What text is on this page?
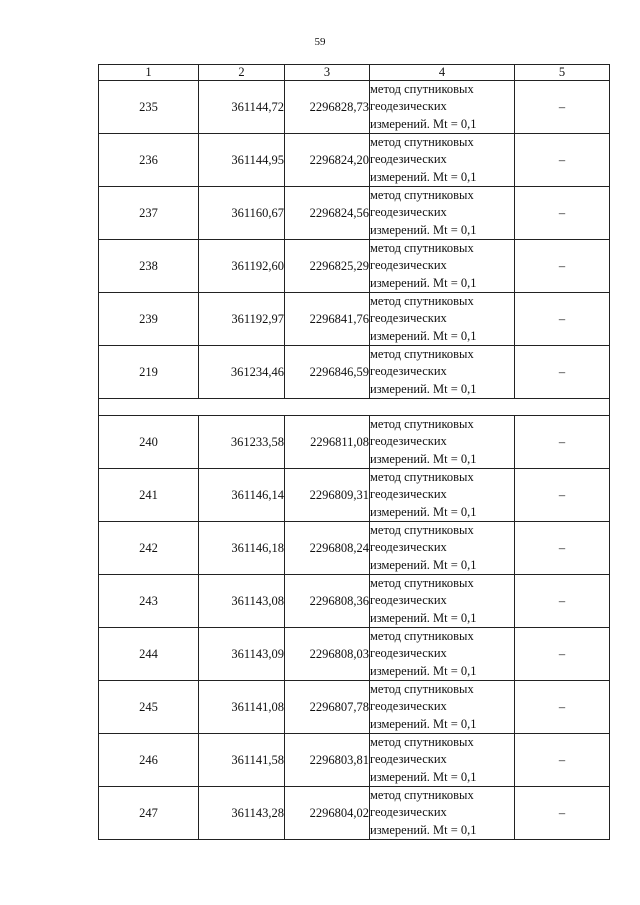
59
1	2	3	4	5
235	361144,72	2296828,73	метод спутниковых
геодезических
измерений. Mt = 0,1	–
236	361144,95	2296824,20	метод спутниковых
геодезических
измерений. Mt = 0,1	–
237	361160,67	2296824,56	метод спутниковых
геодезических
измерений. Mt = 0,1	–
238	361192,60	2296825,29	метод спутниковых
геодезических
измерений. Mt = 0,1	–
239	361192,97	2296841,76	метод спутниковых
геодезических
измерений. Mt = 0,1	–
219	361234,46	2296846,59	метод спутниковых
геодезических
измерений. Mt = 0,1	–

240	361233,58	2296811,08	метод спутниковых
геодезических
измерений. Mt = 0,1	–
241	361146,14	2296809,31	метод спутниковых
геодезических
измерений. Mt = 0,1	–
242	361146,18	2296808,24	метод спутниковых
геодезических
измерений. Mt = 0,1	–
243	361143,08	2296808,36	метод спутниковых
геодезических
измерений. Mt = 0,1	–
244	361143,09	2296808,03	метод спутниковых
геодезических
измерений. Mt = 0,1	–
245	361141,08	2296807,78	метод спутниковых
геодезических
измерений. Mt = 0,1	–
246	361141,58	2296803,81	метод спутниковых
геодезических
измерений. Mt = 0,1	–
247	361143,28	2296804,02	метод спутниковых
геодезических
измерений. Mt = 0,1	–
